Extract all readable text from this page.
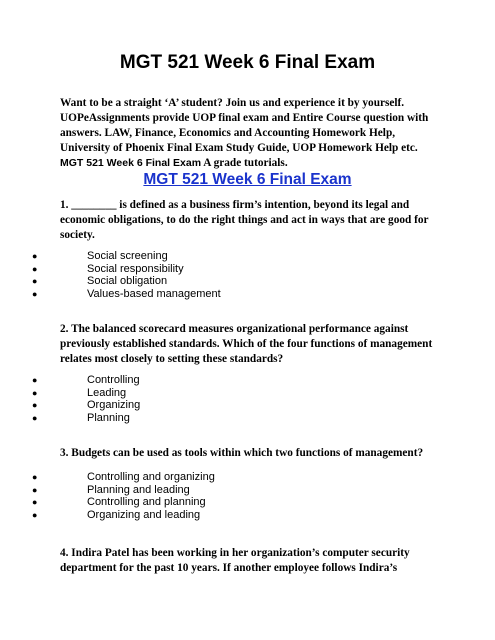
MGT 521 Week 6 Final Exam
Want to be a straight ‘A’ student? Join us and experience it by yourself. UOPeAssignments provide UOP final exam and Entire Course question with answers. LAW, Finance, Economics and Accounting Homework Help, University of Phoenix Final Exam Study Guide, UOP Homework Help etc. MGT 521 Week 6 Final Exam A grade tutorials.
MGT 521 Week 6 Final Exam
1. ________ is defined as a business firm’s intention, beyond its legal and economic obligations, to do the right things and act in ways that are good for society.
●	Social screening
●	Social responsibility
●	Social obligation
●	Values-based management
2. The balanced scorecard measures organizational performance against previously established standards. Which of the four functions of management relates most closely to setting these standards?
●	Controlling
●	Leading
●	Organizing
●	Planning
3. Budgets can be used as tools within which two functions of management?
●	Controlling and organizing
●	Planning and leading
●	Controlling and planning
●	Organizing and leading
4. Indira Patel has been working in her organization’s computer security department for the past 10 years. If another employee follows Indira’s
